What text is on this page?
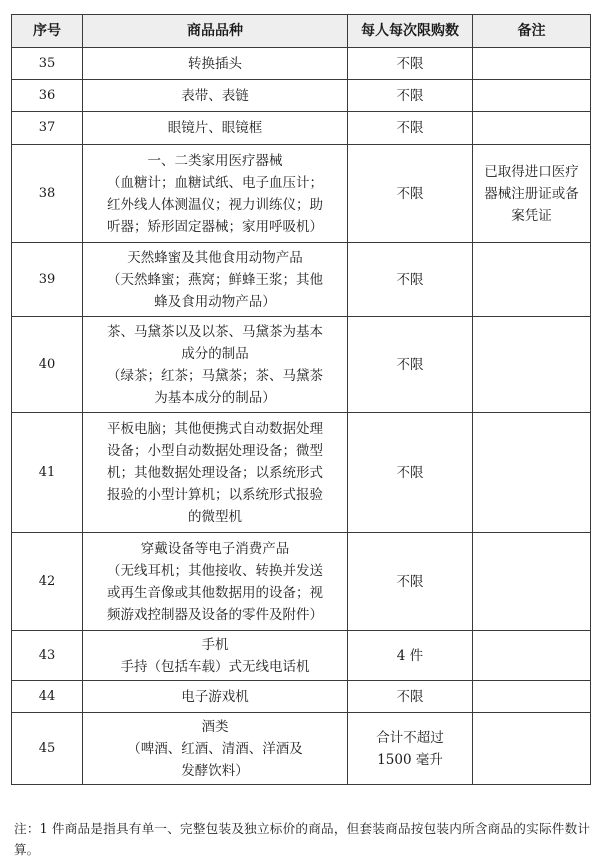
序号	商品品种	每人每次限购数	备注
35	转换插头	不限	

36	表带、表链	不限	

37	眼镜片、眼镜框	不限	

38	一、二类家用医疗器械
（血糖计；血糖试纸、电子血压计；
红外线人体测温仪；视力训练仪；助
听器；矫形固定器械；家用呼吸机）	不限	已取得进口医疗
器械注册证或备
案凭证

39	天然蜂蜜及其他食用动物产品
（天然蜂蜜；燕窝；鲜蜂王浆；其他
蜂及食用动物产品）	不限	

40	茶、马黛茶以及以茶、马黛茶为基本
成分的制品
（绿茶；红茶；马黛茶；茶、马黛茶
为基本成分的制品）	不限	

41	平板电脑；其他便携式自动数据处理
设备；小型自动数据处理设备；微型
机；其他数据处理设备；以系统形式
报验的小型计算机；以系统形式报验
的微型机	不限	

42	穿戴设备等电子消费产品
（无线耳机；其他接收、转换并发送
或再生音像或其他数据用的设备；视
频游戏控制器及设备的零件及附件）	不限	

43	手机
手持（包括车载）式无线电话机	4 件	

44	电子游戏机	不限	

45	酒类
（啤酒、红酒、清酒、洋酒及
发酵饮料）	合计不超过
1500 毫升	

注：1 件商品是指具有单一、完整包装及独立标价的商品，但套装商品按包装内所含商品的实际件数计算。
